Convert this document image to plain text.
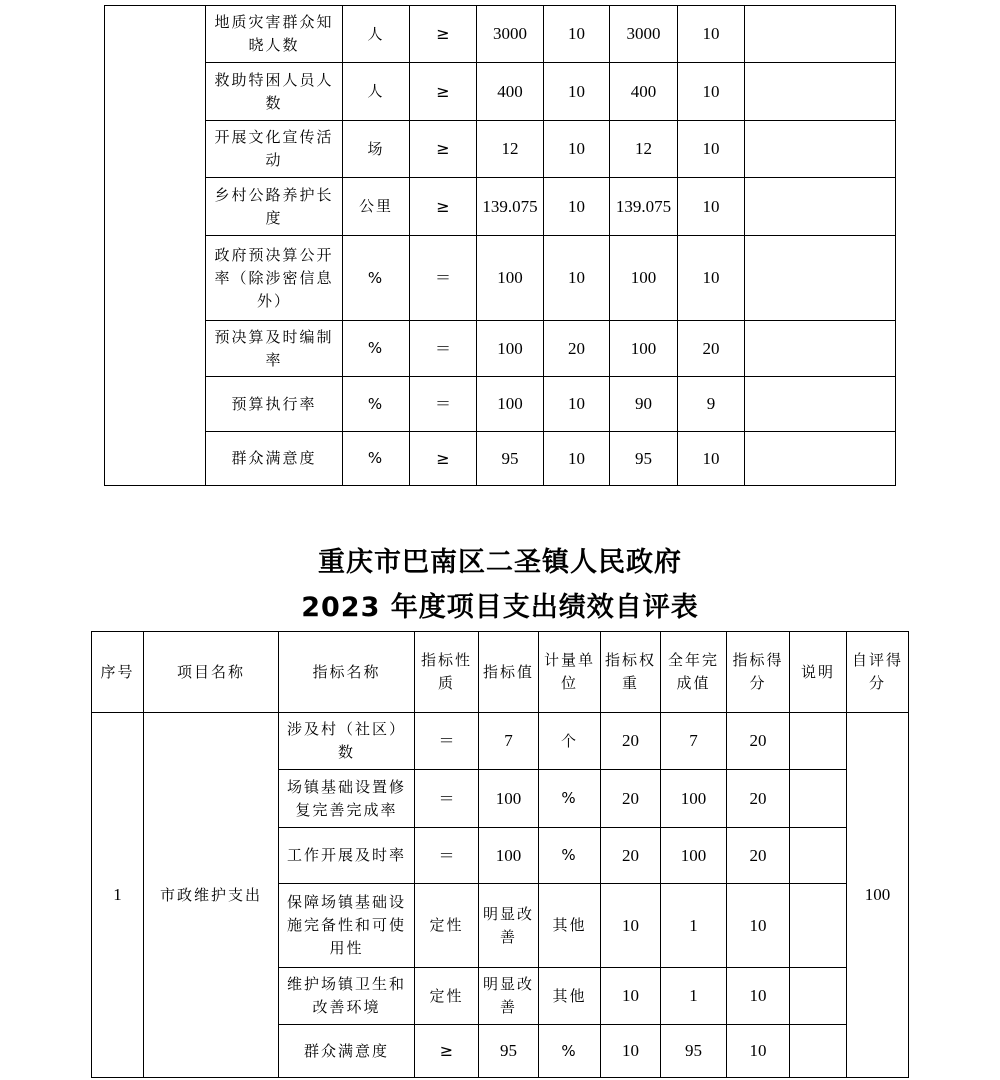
	地质灾害群众知晓人数	人	≥	3000	10	3000	10	
	救助特困人员人数	人	≥	400	10	400	10	
	开展文化宣传活动	场	≥	12	10	12	10	
	乡村公路养护长度	公里	≥	139.075	10	139.075	10	
	政府预决算公开率（除涉密信息外）	%	＝	100	10	100	10	
	预决算及时编制率	%	＝	100	20	100	20	
	预算执行率	%	＝	100	10	90	9	
	群众满意度	%	≥	95	10	95	10	
重庆市巴南区二圣镇人民政府
2023 年度项目支出绩效自评表
序号	项目名称	指标名称	指标性质	指标值	计量单位	指标权重	全年完成值	指标得分	说明	自评得分
1	市政维护支出	涉及村（社区）数	＝	7	个	20	7	20		100
		场镇基础设置修复完善完成率	＝	100	%	20	100	20		
		工作开展及时率	＝	100	%	20	100	20		
		保障场镇基础设施完备性和可使用性	定性	明显改善	其他	10	1	10		
		维护场镇卫生和改善环境	定性	明显改善	其他	10	1	10		
		群众满意度	≥	95	%	10	95	10		
